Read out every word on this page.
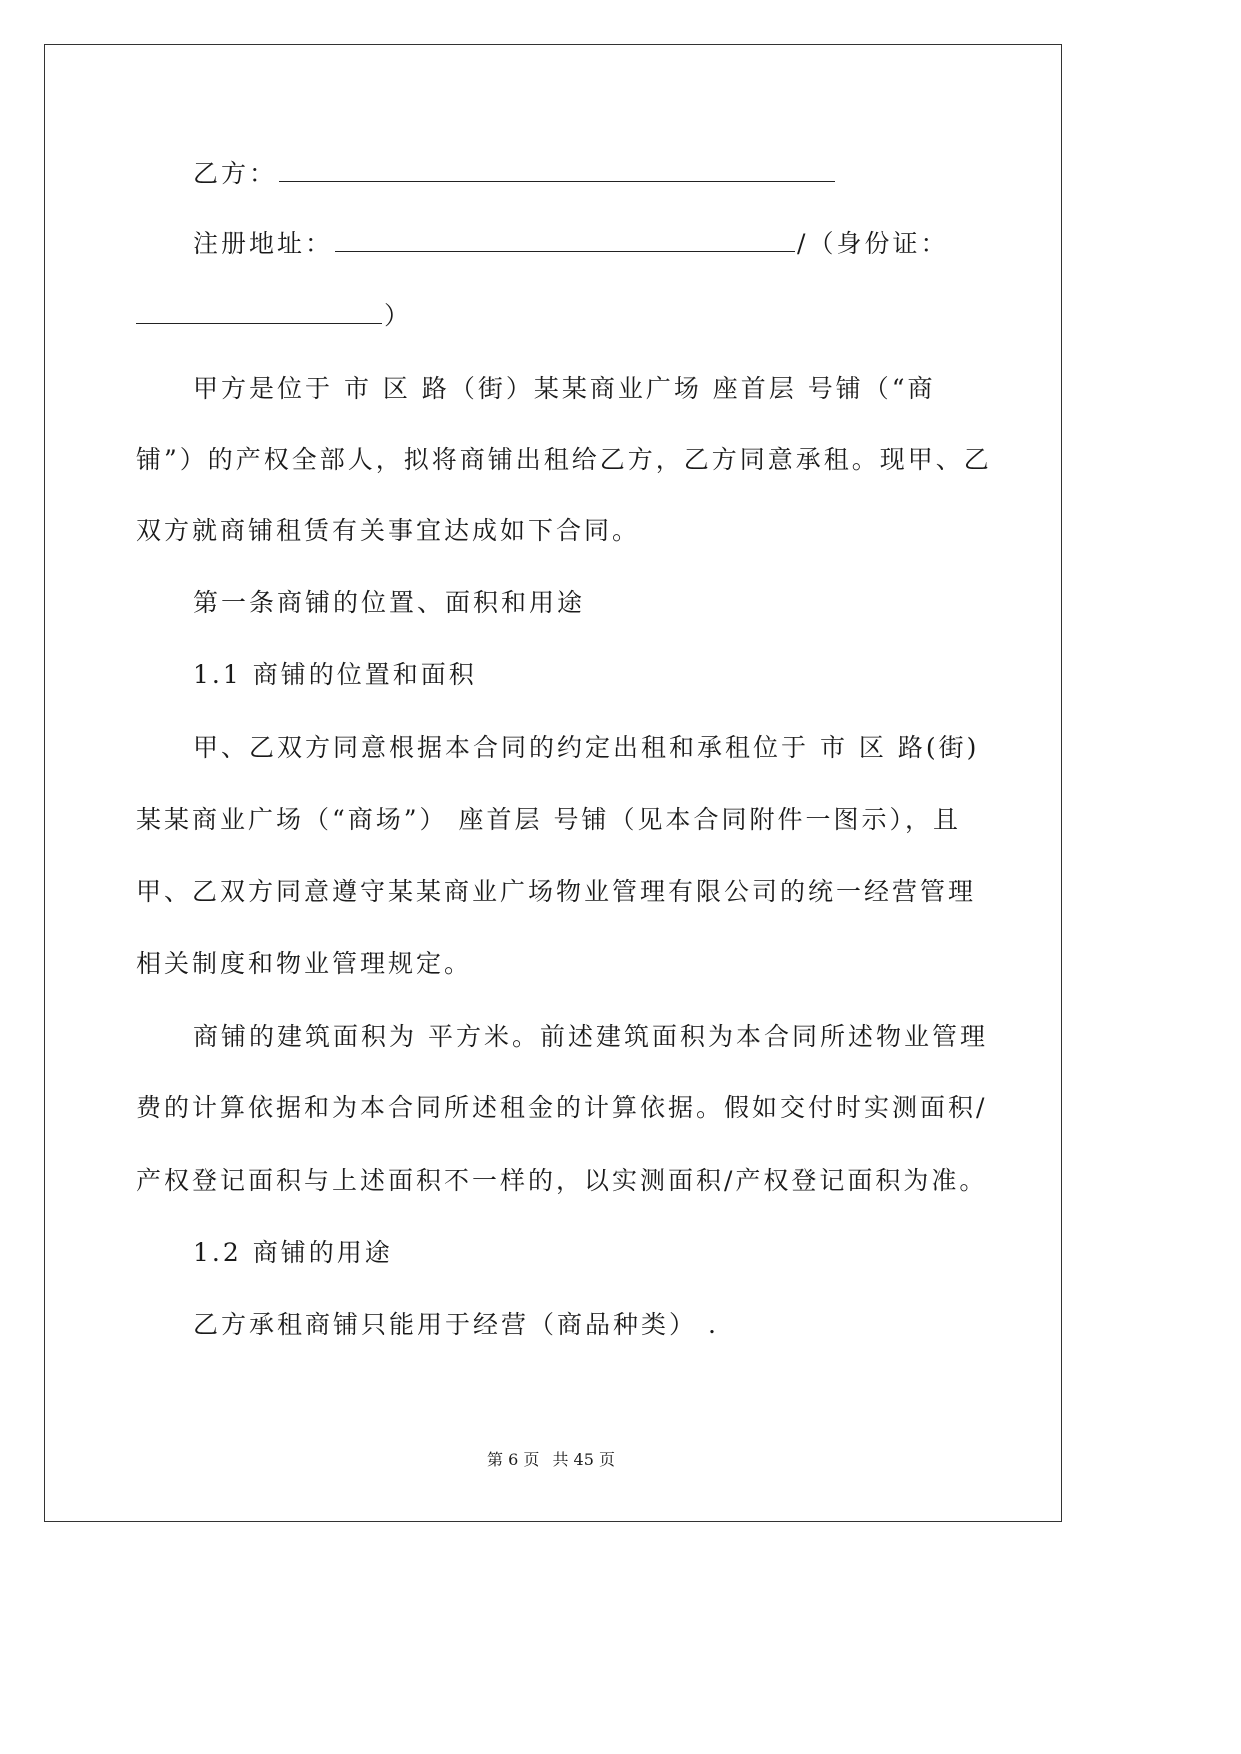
乙方：
注册地址：	/（身份证：
）
甲方是位于 市 区 路（街）某某商业广场 座首层 号铺（“商
铺”）的产权全部人，拟将商铺出租给乙方，乙方同意承租。现甲、乙
双方就商铺租赁有关事宜达成如下合同。
第一条商铺的位置、面积和用途
1.1 商铺的位置和面积
甲、乙双方同意根据本合同的约定出租和承租位于 市 区 路(街)
某某商业广场（“商场”） 座首层 号铺（见本合同附件一图示），且
甲、乙双方同意遵守某某商业广场物业管理有限公司的统一经营管理
相关制度和物业管理规定。
商铺的建筑面积为 平方米。前述建筑面积为本合同所述物业管理
费的计算依据和为本合同所述租金的计算依据。假如交付时实测面积/
产权登记面积与上述面积不一样的，以实测面积/产权登记面积为准。
1.2 商铺的用途
乙方承租商铺只能用于经营（商品种类） .
第 6 页 共 45 页
